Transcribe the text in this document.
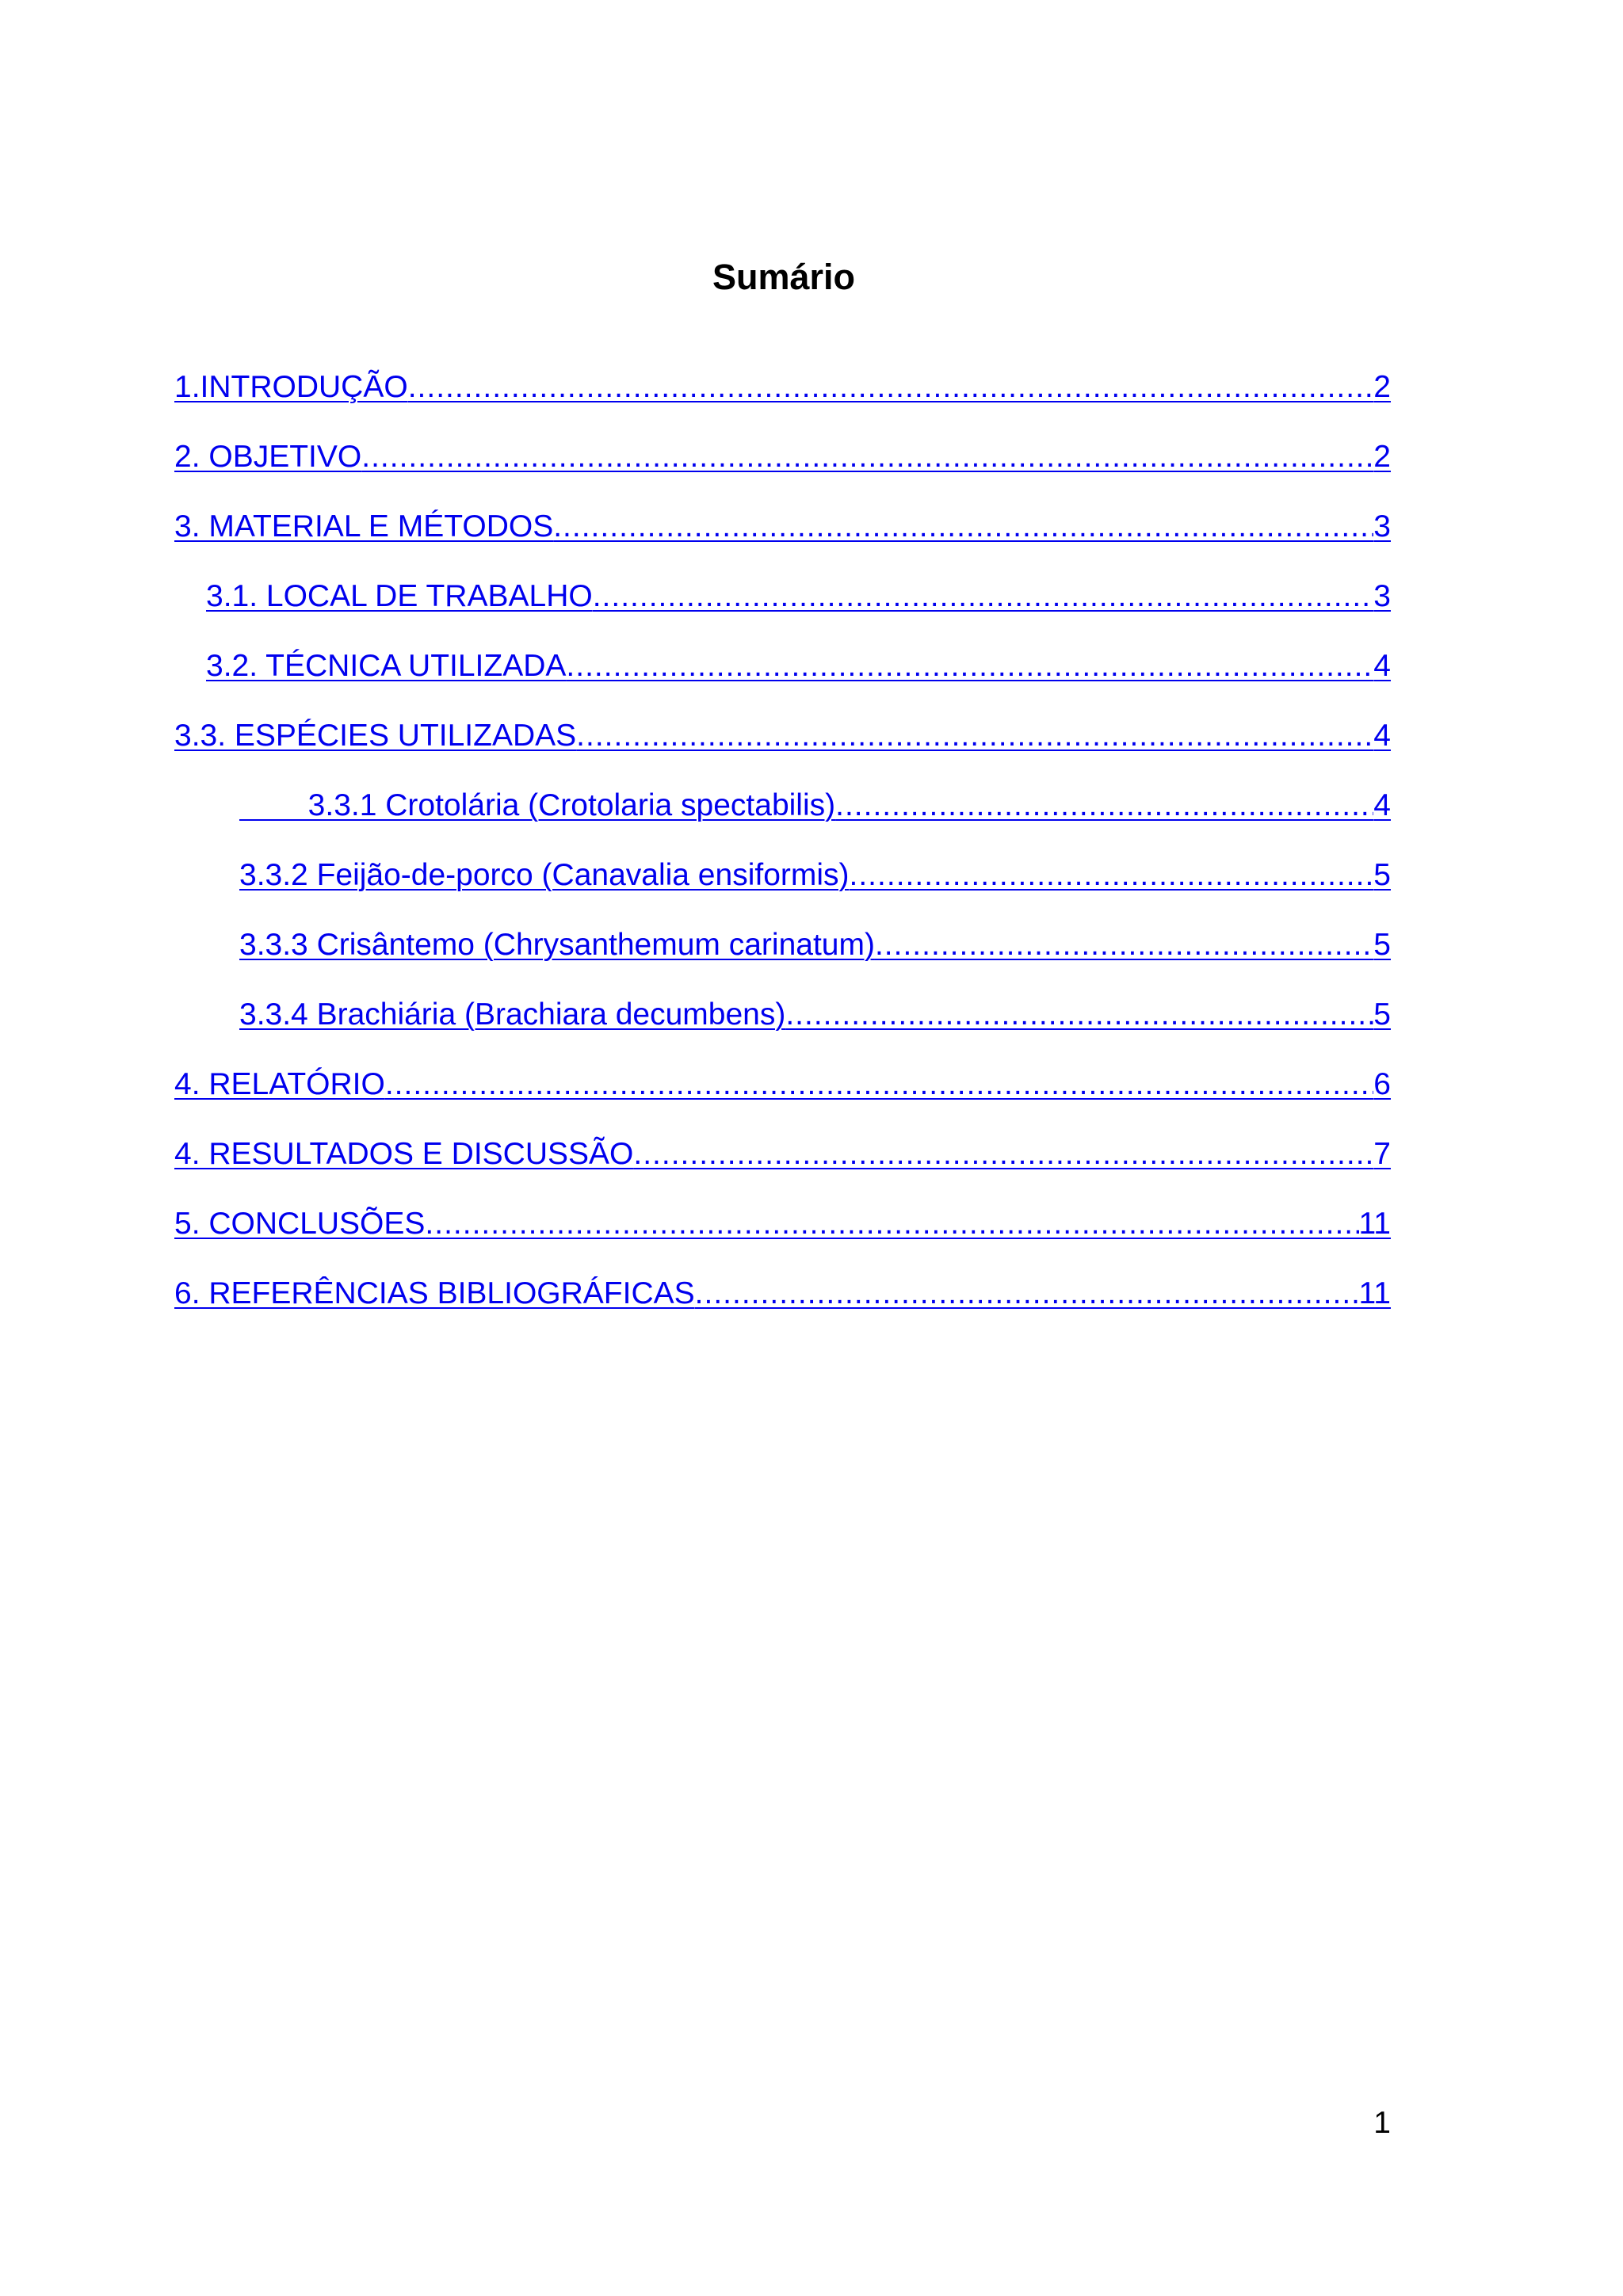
Sumário
1.INTRODUÇÃO .....	2
2. OBJETIVO .....	2
3. MATERIAL E MÉTODOS .....	3
3.1. LOCAL DE TRABALHO .....	3
3.2. TÉCNICA UTILIZADA .....	4
3.3. ESPÉCIES UTILIZADAS .....	4
3.3.1 Crotolária (Crotolaria spectabilis) .....	4
3.3.2 Feijão-de-porco (Canavalia ensiformis) .....	5
3.3.3 Crisântemo (Chrysanthemum carinatum) .....	5
3.3.4 Brachiária (Brachiara decumbens) .....	5
4. RELATÓRIO .....	6
4. RESULTADOS E DISCUSSÃO .....	7
5. CONCLUSÕES .....	11
6. REFERÊNCIAS BIBLIOGRÁFICAS .....	11
1
